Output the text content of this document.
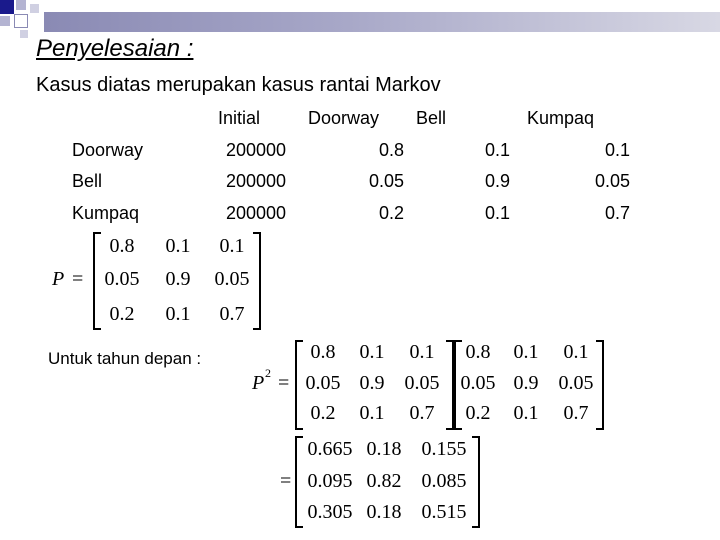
Penyelesaian :
Kasus diatas merupakan kasus rantai Markov
Initial	Doorway Bell	Kumpaq
Doorway	200000	0.8	0.1	0.1
Bell	200000	0.05	0.9	0.05
Kumpaq	200000	0.2	0.1	0.7
P =
0.8	0.1	0.1
0.05	0.9	0.05
0.2	0.1	0.7
Untuk tahun depan :
P 2 =
0.8	0.1	0.1
0.05 0.9	0.05
0.2	0.1	0.7
0.8	0.1	0.1
0.05 0.9	0.05
0.2	0.1	0.7
=
0.665 0.18	0.155
0.095 0.82	0.085
0.305 0.18	0.515
